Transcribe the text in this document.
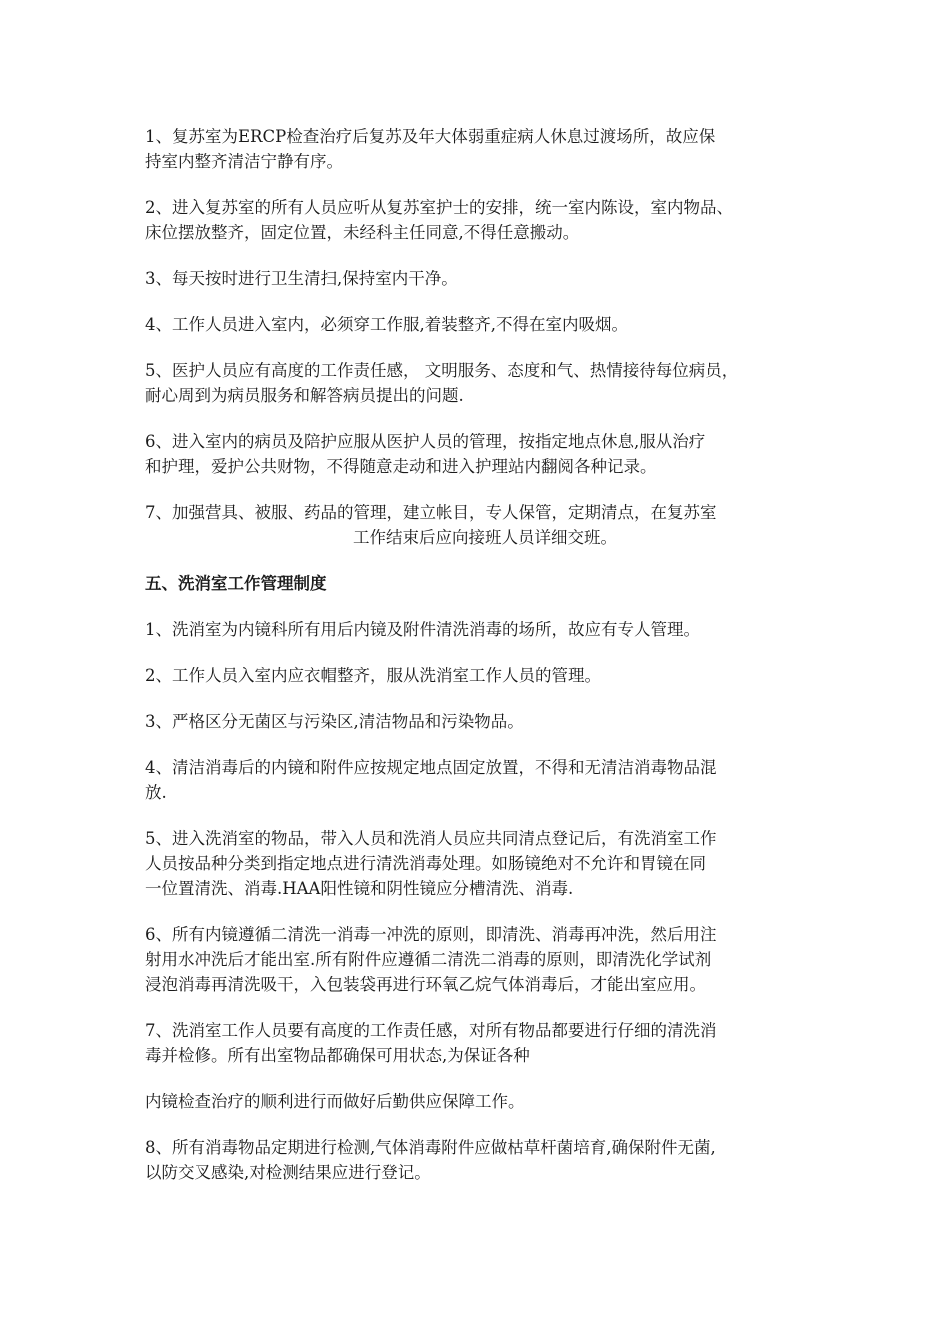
1、复苏室为ERCP检查治疗后复苏及年大体弱重症病人休息过渡场所，故应保
持室内整齐清洁宁静有序。
2、进入复苏室的所有人员应听从复苏室护士的安排，统一室内陈设，室内物品、
床位摆放整齐，固定位置，未经科主任同意,不得任意搬动。
3、每天按时进行卫生清扫,保持室内干净。
4、工作人员进入室内，必须穿工作服,着装整齐,不得在室内吸烟。
5、医护人员应有高度的工作责任感， 文明服务、态度和气、热情接待每位病员，
耐心周到为病员服务和解答病员提出的问题.
6、进入室内的病员及陪护应服从医护人员的管理，按指定地点休息,服从治疗
和护理，爱护公共财物，不得随意走动和进入护理站内翻阅各种记录。
7、加强营具、被服、药品的管理，建立帐目，专人保管，定期清点，在复苏室
工作结束后应向接班人员详细交班。
五、洗消室工作管理制度
1、洗消室为内镜科所有用后内镜及附件清洗消毒的场所，故应有专人管理。
2、工作人员入室内应衣帽整齐，服从洗消室工作人员的管理。
3、严格区分无菌区与污染区,清洁物品和污染物品。
4、清洁消毒后的内镜和附件应按规定地点固定放置，不得和无清洁消毒物品混
放.
5、进入洗消室的物品，带入人员和洗消人员应共同清点登记后，有洗消室工作
人员按品种分类到指定地点进行清洗消毒处理。如肠镜绝对不允许和胃镜在同
一位置清洗、消毒.HAA阳性镜和阴性镜应分槽清洗、消毒.
6、所有内镜遵循二清洗一消毒一冲洗的原则，即清洗、消毒再冲洗，然后用注
射用水冲洗后才能出室.所有附件应遵循二清洗二消毒的原则，即清洗化学试剂
浸泡消毒再清洗吸干，入包装袋再进行环氧乙烷气体消毒后，才能出室应用。
7、洗消室工作人员要有高度的工作责任感，对所有物品都要进行仔细的清洗消
毒并检修。所有出室物品都确保可用状态,为保证各种
内镜检查治疗的顺利进行而做好后勤供应保障工作。
8、所有消毒物品定期进行检测,气体消毒附件应做枯草杆菌培育,确保附件无菌,
以防交叉感染,对检测结果应进行登记。
